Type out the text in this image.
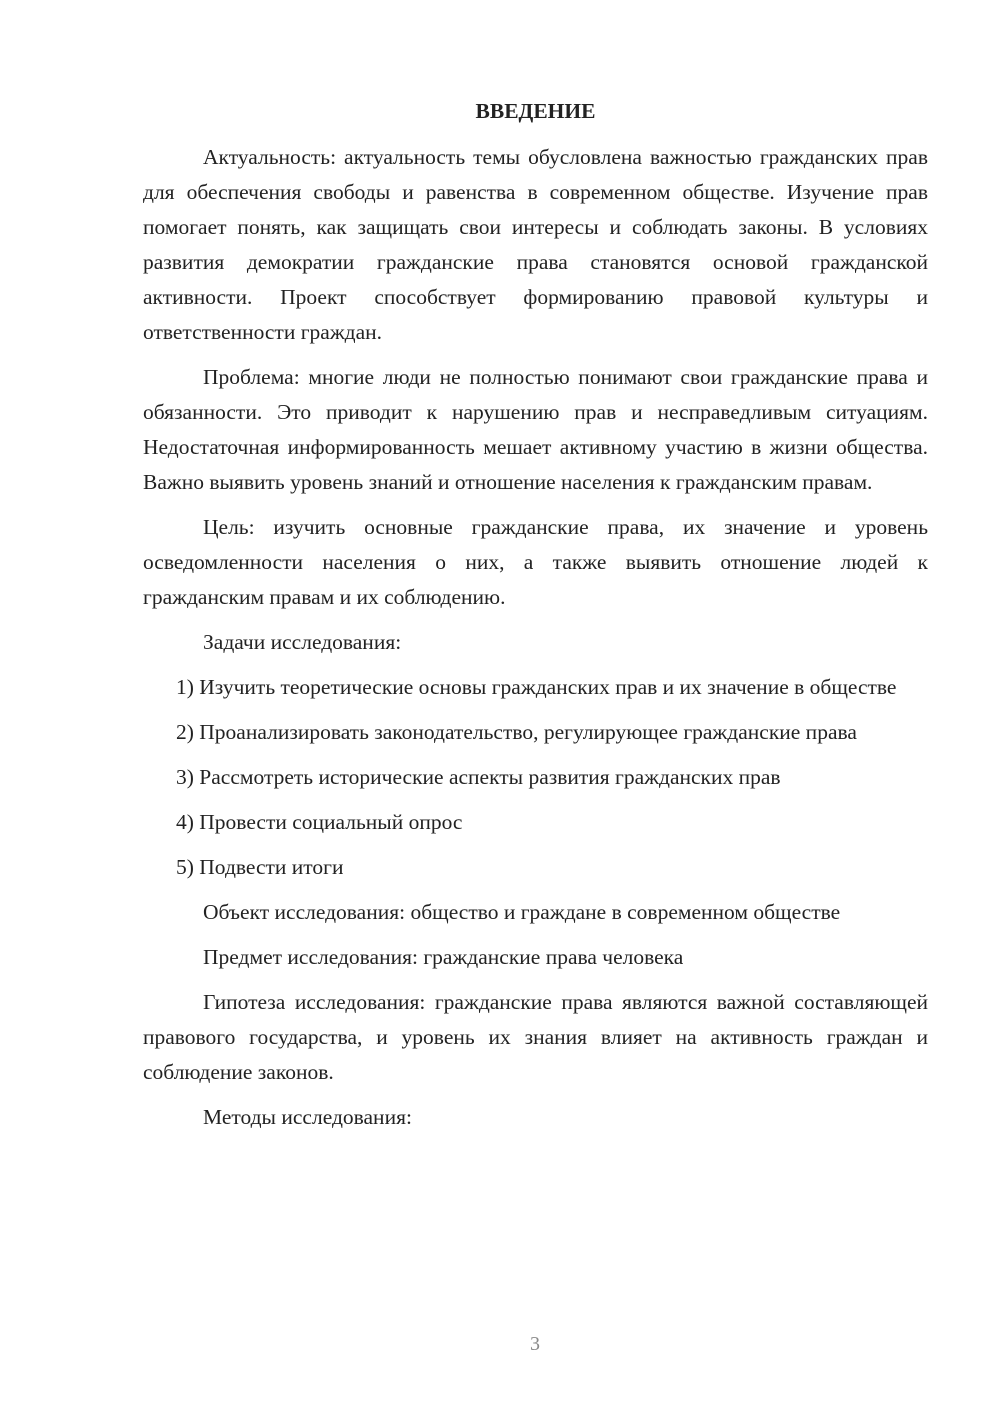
ВВЕДЕНИЕ

Актуальность: актуальность темы обусловлена важностью гражданских прав для обеспечения свободы и равенства в современном обществе. Изучение прав помогает понять, как защищать свои интересы и соблюдать законы. В условиях развития демократии гражданские права становятся основой гражданской активности. Проект способствует формированию правовой культуры и ответственности граждан.

Проблема: многие люди не полностью понимают свои гражданские права и обязанности. Это приводит к нарушению прав и несправедливым ситуациям. Недостаточная информированность мешает активному участию в жизни общества. Важно выявить уровень знаний и отношение населения к гражданским правам.

Цель: изучить основные гражданские права, их значение и уровень осведомленности населения о них, а также выявить отношение людей к гражданским правам и их соблюдению.

Задачи исследования:

1) Изучить теоретические основы гражданских прав и их значение в обществе

2) Проанализировать законодательство, регулирующее гражданские права

3) Рассмотреть исторические аспекты развития гражданских прав

4) Провести социальный опрос

5) Подвести итоги

Объект исследования: общество и граждане в современном обществе

Предмет исследования: гражданские права человека

Гипотеза исследования: гражданские права являются важной составляющей правового государства, и уровень их знания влияет на активность граждан и соблюдение законов.

Методы исследования:

3
